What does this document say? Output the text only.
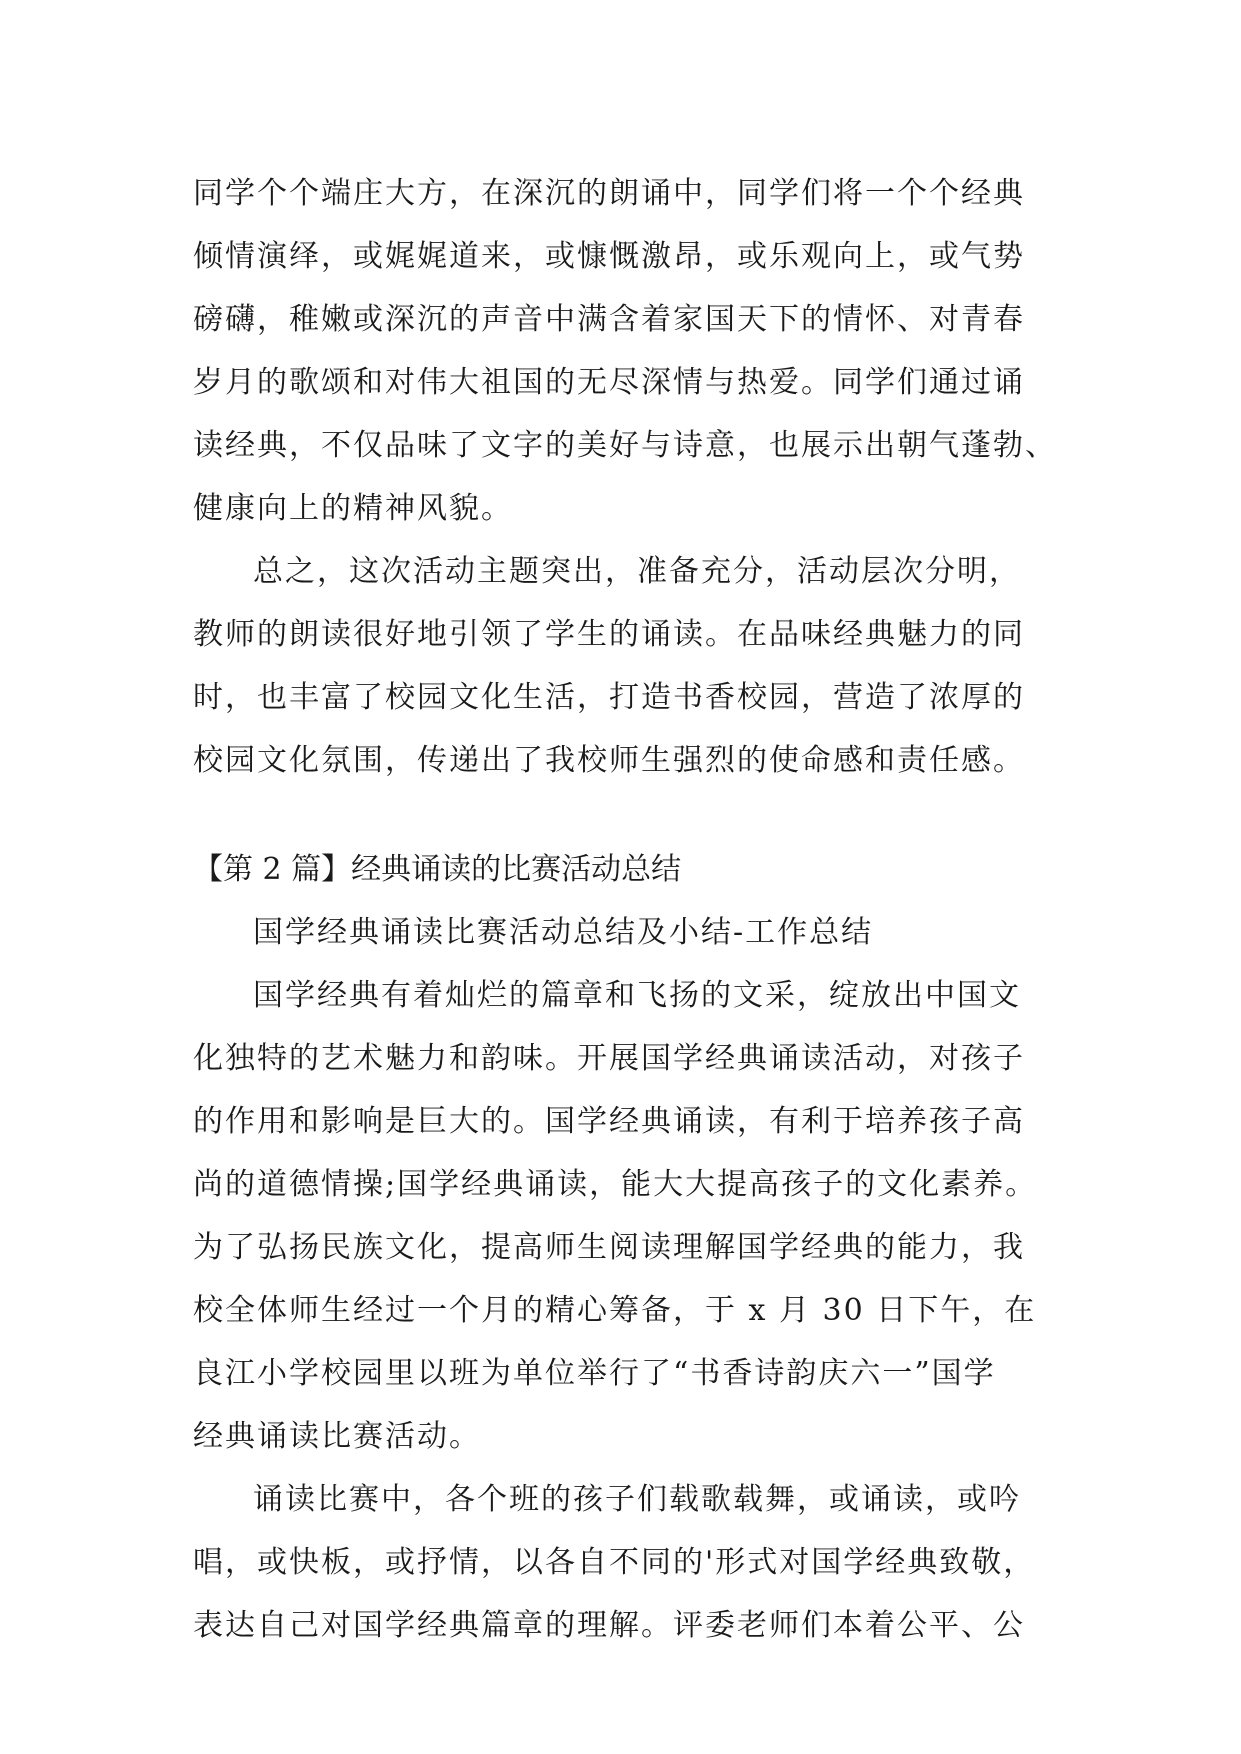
同学个个端庄大方，在深沉的朗诵中，同学们将一个个经典
倾情演绎，或娓娓道来，或慷慨激昂，或乐观向上，或气势
磅礴，稚嫩或深沉的声音中满含着家国天下的情怀、对青春
岁月的歌颂和对伟大祖国的无尽深情与热爱。同学们通过诵
读经典，不仅品味了文字的美好与诗意，也展示出朝气蓬勃、
健康向上的精神风貌。
总之，这次活动主题突出，准备充分，活动层次分明，
教师的朗读很好地引领了学生的诵读。在品味经典魅力的同
时，也丰富了校园文化生活，打造书香校园，营造了浓厚的
校园文化氛围，传递出了我校师生强烈的使命感和责任感。
【第 2 篇】经典诵读的比赛活动总结
国学经典诵读比赛活动总结及小结-工作总结
国学经典有着灿烂的篇章和飞扬的文采，绽放出中国文
化独特的艺术魅力和韵味。开展国学经典诵读活动，对孩子
的作用和影响是巨大的。国学经典诵读，有利于培养孩子高
尚的道德情操;国学经典诵读，能大大提高孩子的文化素养。
为了弘扬民族文化，提高师生阅读理解国学经典的能力，我
校全体师生经过一个月的精心筹备，于 x 月 30 日下午，在
良江小学校园里以班为单位举行了“书香诗韵庆六一”国学
经典诵读比赛活动。
诵读比赛中，各个班的孩子们载歌载舞，或诵读，或吟
唱，或快板，或抒情，以各自不同的'形式对国学经典致敬，
表达自己对国学经典篇章的理解。评委老师们本着公平、公
